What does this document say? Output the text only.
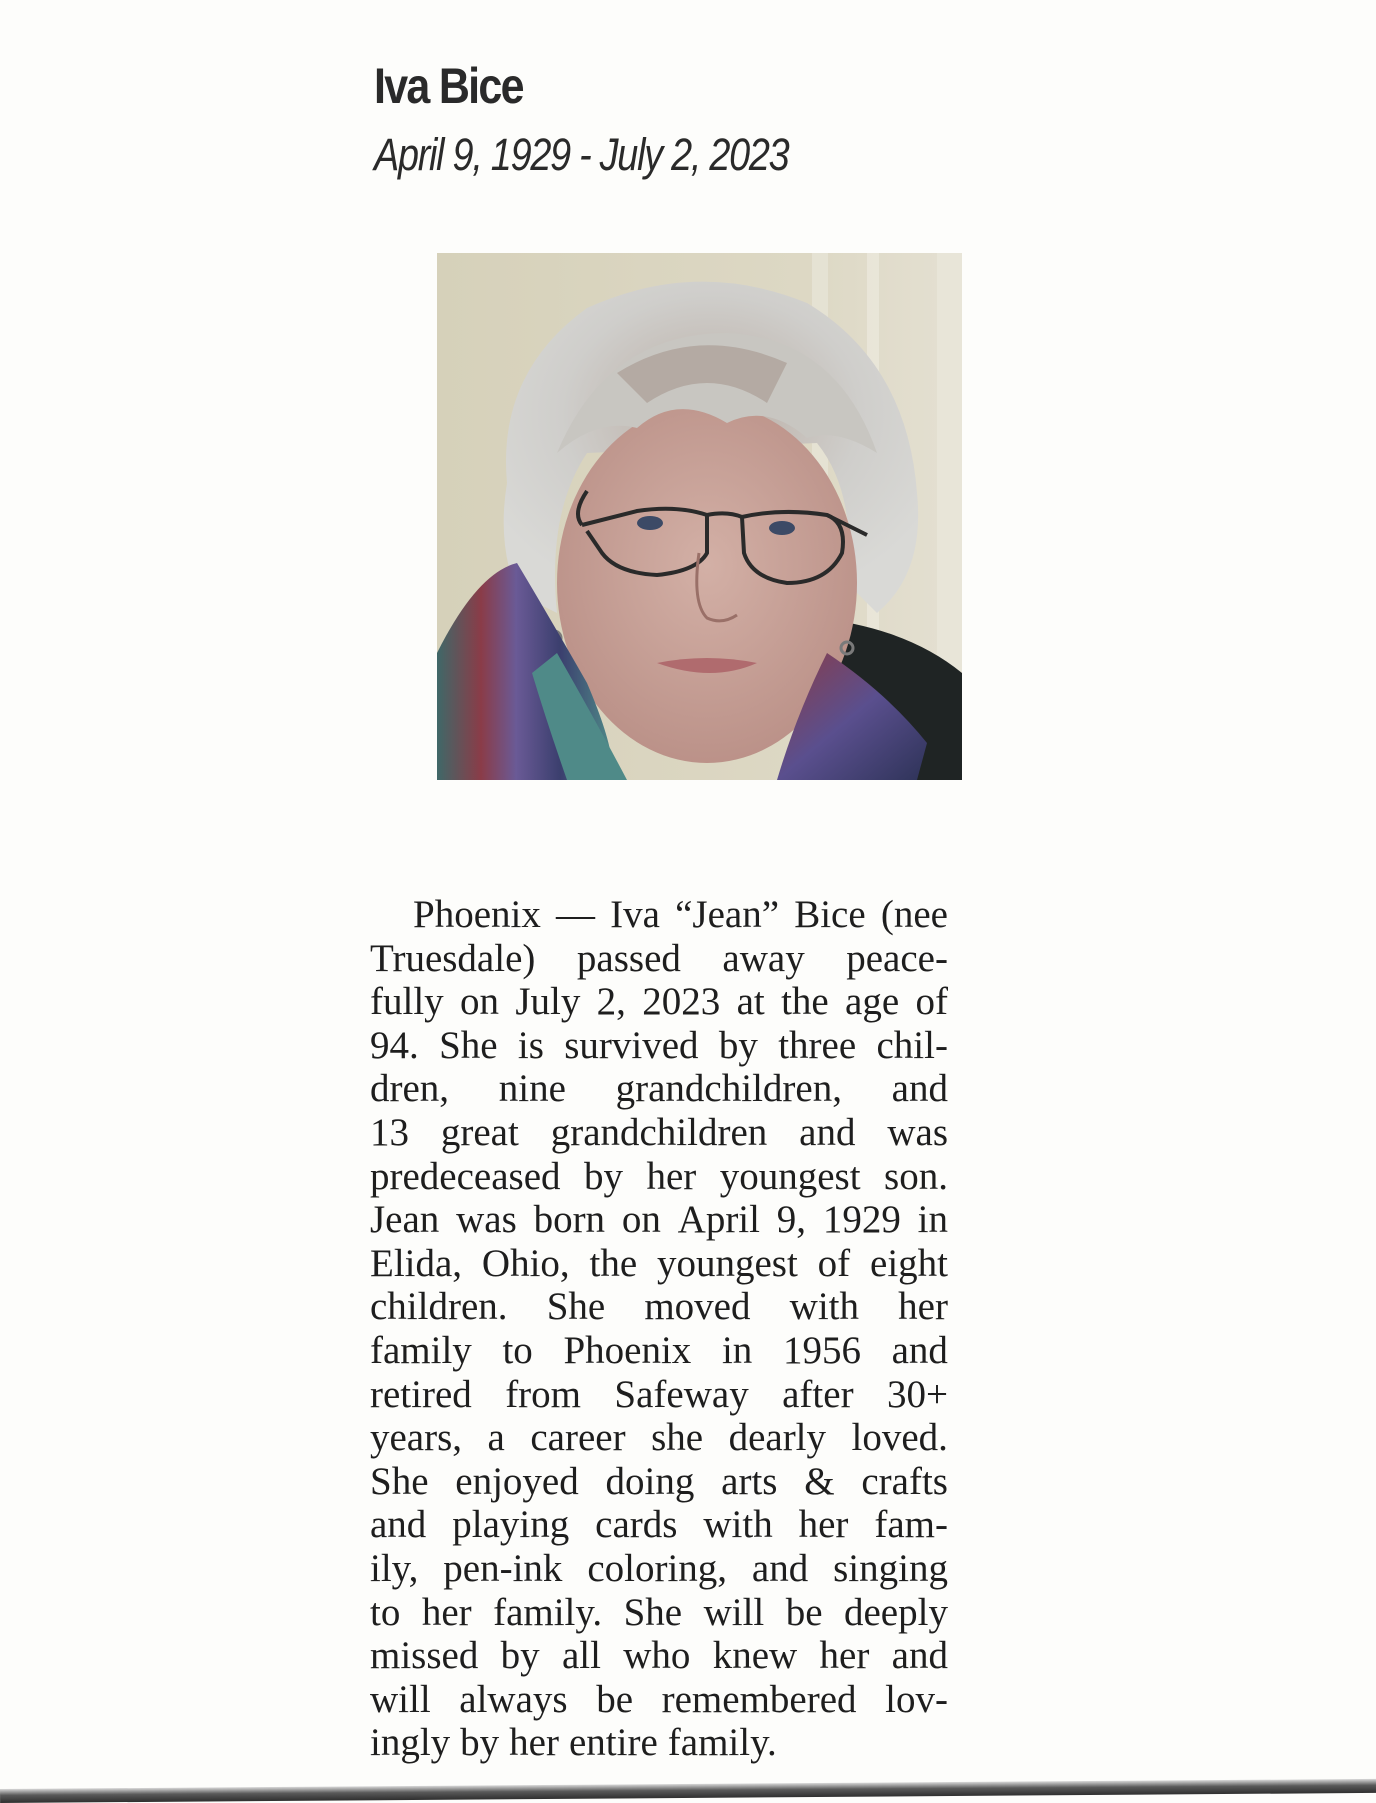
Iva Bice

April 9, 1929 - July 2, 2023

Phoenix — Iva “Jean” Bice (nee
Truesdale) passed away peace-
fully on July 2, 2023 at the age of
94. She is survived by three chil-
dren, nine grandchildren, and
13 great grandchildren and was
predeceased by her youngest son.
Jean was born on April 9, 1929 in
Elida, Ohio, the youngest of eight
children. She moved with her
family to Phoenix in 1956 and
retired from Safeway after 30+
years, a career she dearly loved.
She enjoyed doing arts & crafts
and playing cards with her fam-
ily, pen-ink coloring, and singing
to her family. She will be deeply
missed by all who knew her and
will always be remembered lov-
ingly by her entire family.
